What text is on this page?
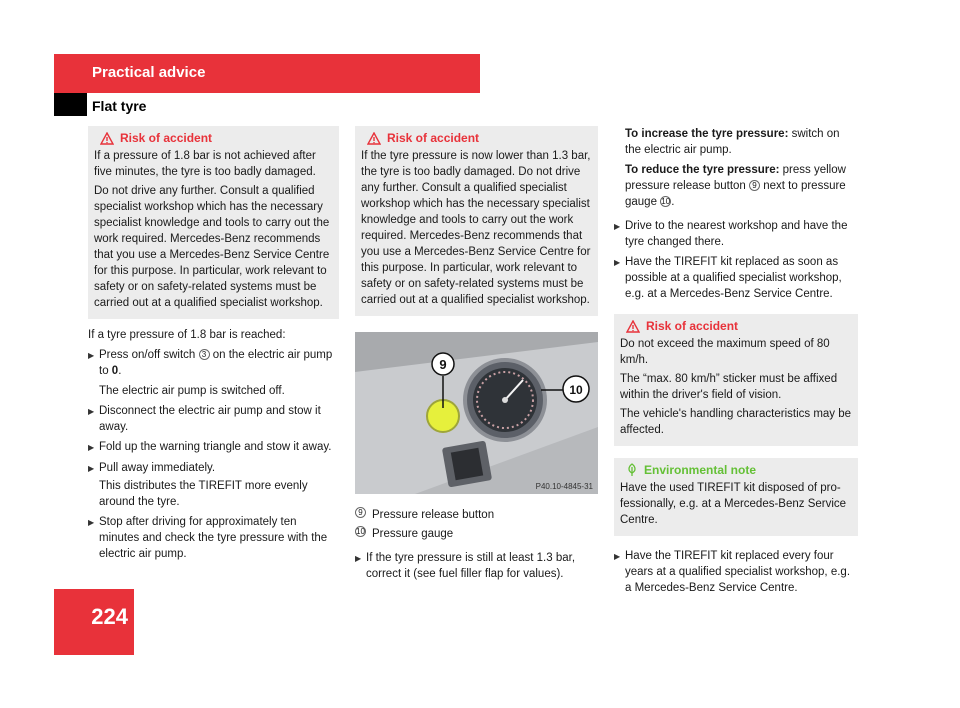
Practical advice
Flat tyre
224
Risk of accident

If a pressure of 1.8 bar is not achieved after five minutes, the tyre is too badly damaged.

Do not drive any further. Consult a qualified specialist workshop which has the necessary specialist knowledge and tools to carry out the work required. Mercedes-Benz recommends that you use a Mercedes-Benz Service Centre for this purpose. In particular, work relevant to safety or on safety-related systems must be carried out at a qualified specialist workshop.

If a tyre pressure of 1.8 bar is reached:

▶ Press on/off switch 3 on the electric air pump to 0.

The electric air pump is switched off.

▶ Disconnect the electric air pump and stow it away.
▶ Fold up the warning triangle and stow it away.
▶ Pull away immediately.

This distributes the TIREFIT more evenly around the tyre.

▶ Stop after driving for approximately ten minutes and check the tyre pressure with the electric air pump.
Risk of accident

If the tyre pressure is now lower than 1.3 bar, the tyre is too badly damaged. Do not drive any further. Consult a qualified specialist workshop which has the necessary specialist knowledge and tools to carry out the work required. Mercedes-Benz recommends that you use a Mercedes-Benz Service Centre for this purpose. In particular, work relevant to safety or on safety-related systems must be carried out at a qualified specialist workshop.

9
10
P40.10-4845-31
9 Pressure release button
10 Pressure gauge
▶ If the tyre pressure is still at least 1.3 bar, correct it (see fuel filler flap for values).

To increase the tyre pressure: switch on the electric air pump.

To reduce the tyre pressure: press yellow pressure release button 9 next to pressure gauge 10.

▶ Drive to the nearest workshop and have the tyre changed there.
▶ Have the TIREFIT kit replaced as soon as possible at a qualified specialist workshop, e.g. at a Mercedes-Benz Service Centre.
Risk of accident

Do not exceed the maximum speed of 80 km/h.

The “max. 80 km/h” sticker must be affixed within the driver's field of vision.

The vehicle's handling characteristics may be affected.

Environmental note

Have the used TIREFIT kit disposed of professionally, e.g. at a Mercedes-Benz Service Centre.

▶ Have the TIREFIT kit replaced every four years at a qualified specialist workshop, e.g. a Mercedes-Benz Service Centre.
